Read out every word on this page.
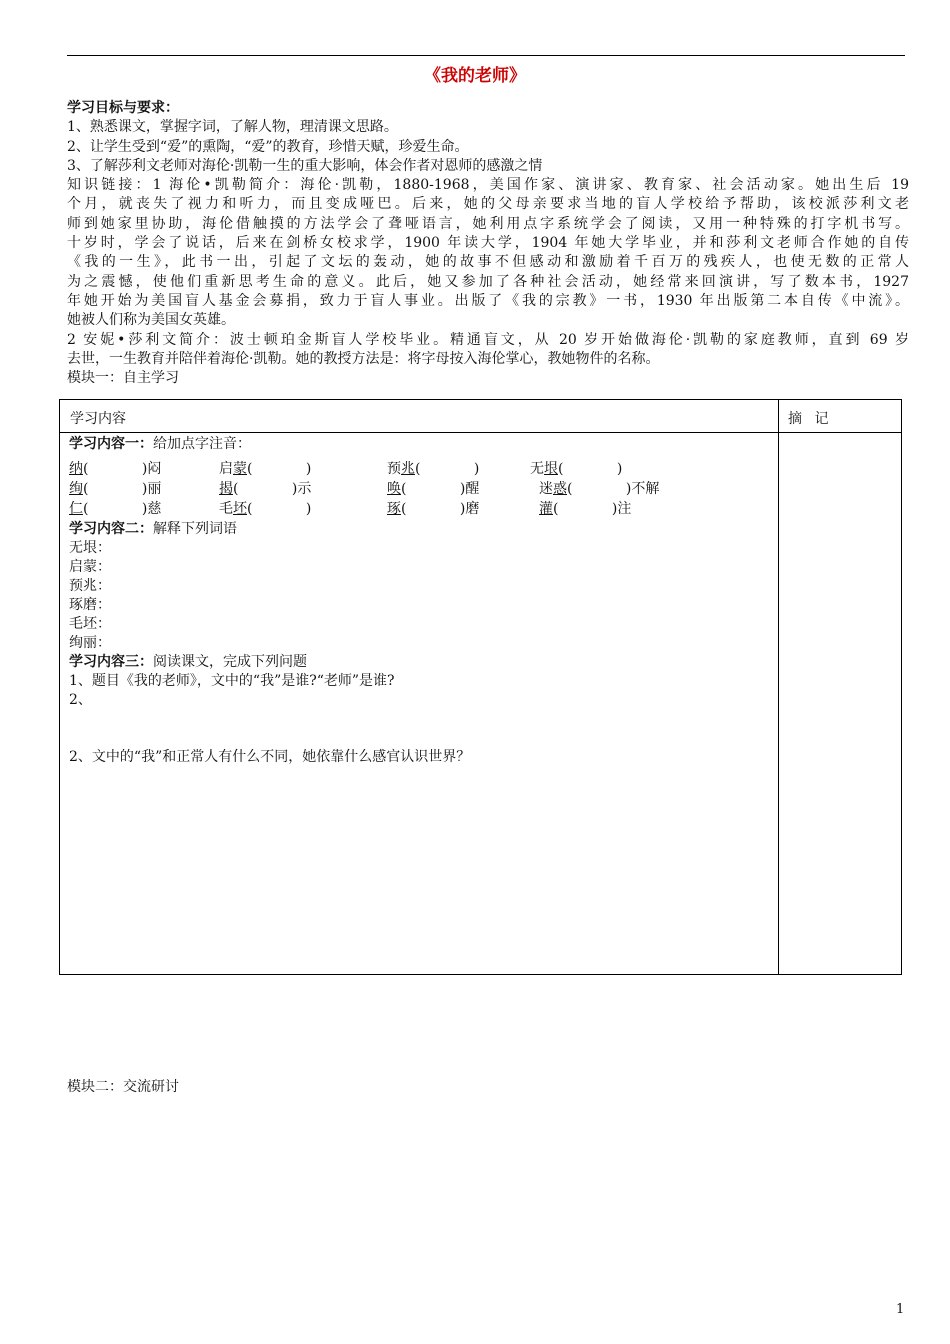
《我的老师》
学习目标与要求：
1、熟悉课文，掌握字词，了解人物，理清课文思路。
2、让学生受到“爱”的熏陶，“爱”的教育，珍惜天赋，珍爱生命。
3、了解莎利文老师对海伦·凯勒一生的重大影响，体会作者对恩师的感激之情
知识链接：1 海伦•凯勒简介：海伦·凯勒，1880-1968，美国作家、演讲家、教育家、社会活动家。她出生后 19
个月，就丧失了视力和听力，而且变成哑巴。后来，她的父母亲要求当地的盲人学校给予帮助，该校派莎利文老
师到她家里协助，海伦借触摸的方法学会了聋哑语言，她利用点字系统学会了阅读，又用一种特殊的打字机书写。
十岁时，学会了说话，后来在剑桥女校求学，1900 年读大学，1904 年她大学毕业，并和莎利文老师合作她的自传
《我的一生》，此书一出，引起了文坛的轰动，她的故事不但感动和激励着千百万的残疾人，也使无数的正常人
为之震憾，使他们重新思考生命的意义。此后，她又参加了各种社会活动，她经常来回演讲，写了数本书，1927
年她开始为美国盲人基金会募捐，致力于盲人事业。出版了《我的宗教》一书，1930 年出版第二本自传《中流》。
她被人们称为美国女英雄。
2 安妮•莎利文简介：波士顿珀金斯盲人学校毕业。精通盲文，从 20 岁开始做海伦·凯勒的家庭教师，直到 69 岁
去世，一生教育并陪伴着海伦·凯勒。她的教授方法是：将字母按入海伦掌心，教她物件的名称。
模块一：自主学习
学习内容	摘 记
学习内容一：给加点字注音：
纳(            )闷	启蒙(            )	预兆(            )	无垠(            )
绚(            )丽	揭(            )示	唤(            )醒	迷惑(            )不解
仁(            )慈	毛坯(            )	琢(            )磨	灌(            )注
学习内容二：解释下列词语
无垠：
启蒙：
预兆：
琢磨：
毛坯：
绚丽：
学习内容三：阅读课文，完成下列问题
1、题目《我的老师》，文中的“我”是谁?“老师”是谁?
2、
2、文中的“我”和正常人有什么不同，她依靠什么感官认识世界？
模块二：交流研讨
1
